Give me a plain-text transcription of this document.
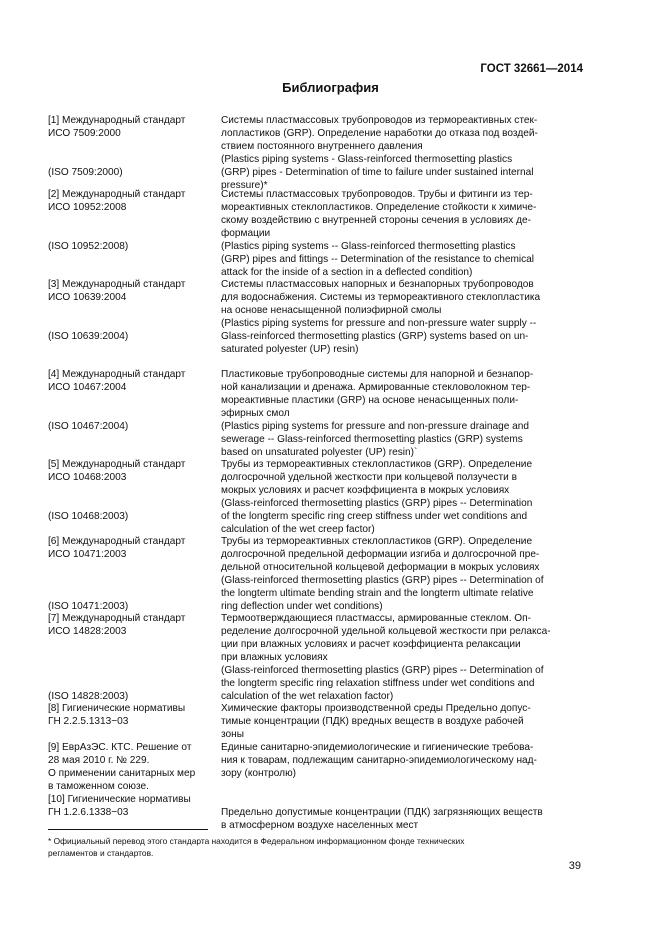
ГОСТ 32661—2014
Библиография
[1] Международный стандарт
ИСО 7509:2000
(ISO 7509:2000)
Системы пластмассовых трубопроводов из термореактивных стек-
лопластиков (GRP). Определение наработки до отказа под воздей-
ствием постоянного внутреннего давления
(Plastics piping systems - Glass-reinforced thermosetting plastics
(GRP) pipes - Determination of time to failure under sustained internal
pressure)*
[2] Международный стандарт
ИСО 10952:2008
(ISO 10952:2008)
Системы пластмассовых трубопроводов. Трубы и фитинги из тер-
мореактивных стеклопластиков. Определение стойкости к химиче-
скому воздействию с внутренней стороны сечения в условиях де-
формации
(Plastics piping systems -- Glass-reinforced thermosetting plastics
(GRP) pipes and fittings -- Determination of the resistance to chemical
attack for the inside of a section in a deflected condition)
[3] Международный стандарт
ИСО 10639:2004
(ISO 10639:2004)
Системы пластмассовых напорных и безнапорных трубопроводов
для водоснабжения. Системы из термореактивного стеклопластика
на основе ненасыщенной полиэфирной смолы
(Plastics piping systems for pressure and non-pressure water supply --
Glass-reinforced thermosetting plastics (GRP) systems based on un-
saturated polyester (UP) resin)
[4] Международный стандарт
ИСО 10467:2004
(ISO 10467:2004)
Пластиковые трубопроводные системы для напорной и безнапор-
ной канализации и дренажа. Армированные стекловолокном тер-
мореактивные пластики (GRP) на основе ненасыщенных поли-
эфирных смол
(Plastics piping systems for pressure and non-pressure drainage and
sewerage -- Glass-reinforced thermosetting plastics (GRP) systems
based on unsaturated polyester (UP) resin)`
[5] Международный стандарт
ИСО 10468:2003
(ISO 10468:2003)
Трубы из термореактивных стеклопластиков (GRP). Определение
долгосрочной удельной жесткости при кольцевой ползучести в
мокрых условиях и расчет коэффициента в мокрых условиях
(Glass-reinforced thermosetting plastics (GRP) pipes -- Determination
of the longterm specific ring creep stiffness under wet conditions and
calculation of the wet creep factor)
[6] Международный стандарт
ИСО 10471:2003
(ISO 10471:2003)
Трубы из термореактивных стеклопластиков (GRP). Определение
долгосрочной предельной деформации изгиба и долгосрочной пре-
дельной относительной кольцевой деформации в мокрых условиях
(Glass-reinforced thermosetting plastics (GRP) pipes -- Determination of
the longterm ultimate bending strain and the longterm ultimate relative
ring deflection under wet conditions)
[7] Международный стандарт
ИСО 14828:2003
(ISO 14828:2003)
Термоотверждающиеся пластмассы, армированные стеклом. Оп-
ределение долгосрочной удельной кольцевой жесткости при релакса-
ции при влажных условиях и расчет коэффициента релаксации
при влажных условиях
(Glass-reinforced thermosetting plastics (GRP) pipes -- Determination of
the longterm specific ring relaxation stiffness under wet conditions and
calculation of the wet relaxation factor)
[8] Гигиенические нормативы
ГН 2.2.5.1313−03
Химические факторы производственной среды Предельно допус-
тимые концентрации (ПДК) вредных веществ в воздухе рабочей
зоны
[9] ЕврАзЭС. КТС. Решение от
28 мая 2010 г. № 229.
О применении санитарных мер
в таможенном союзе.
Единые санитарно-эпидемиологические и гигиенические требова-
ния к товарам, подлежащим санитарно-эпидемиологическому над-
зору (контролю)
[10] Гигиенические нормативы
ГН 1.2.6.1338−03	Предельно допустимые концентрации (ПДК) загрязняющих веществ
в атмосферном воздухе населенных мест
* Официальный перевод этого стандарта находится в Федеральном информационном фонде технических
регламентов и стандартов.
39
